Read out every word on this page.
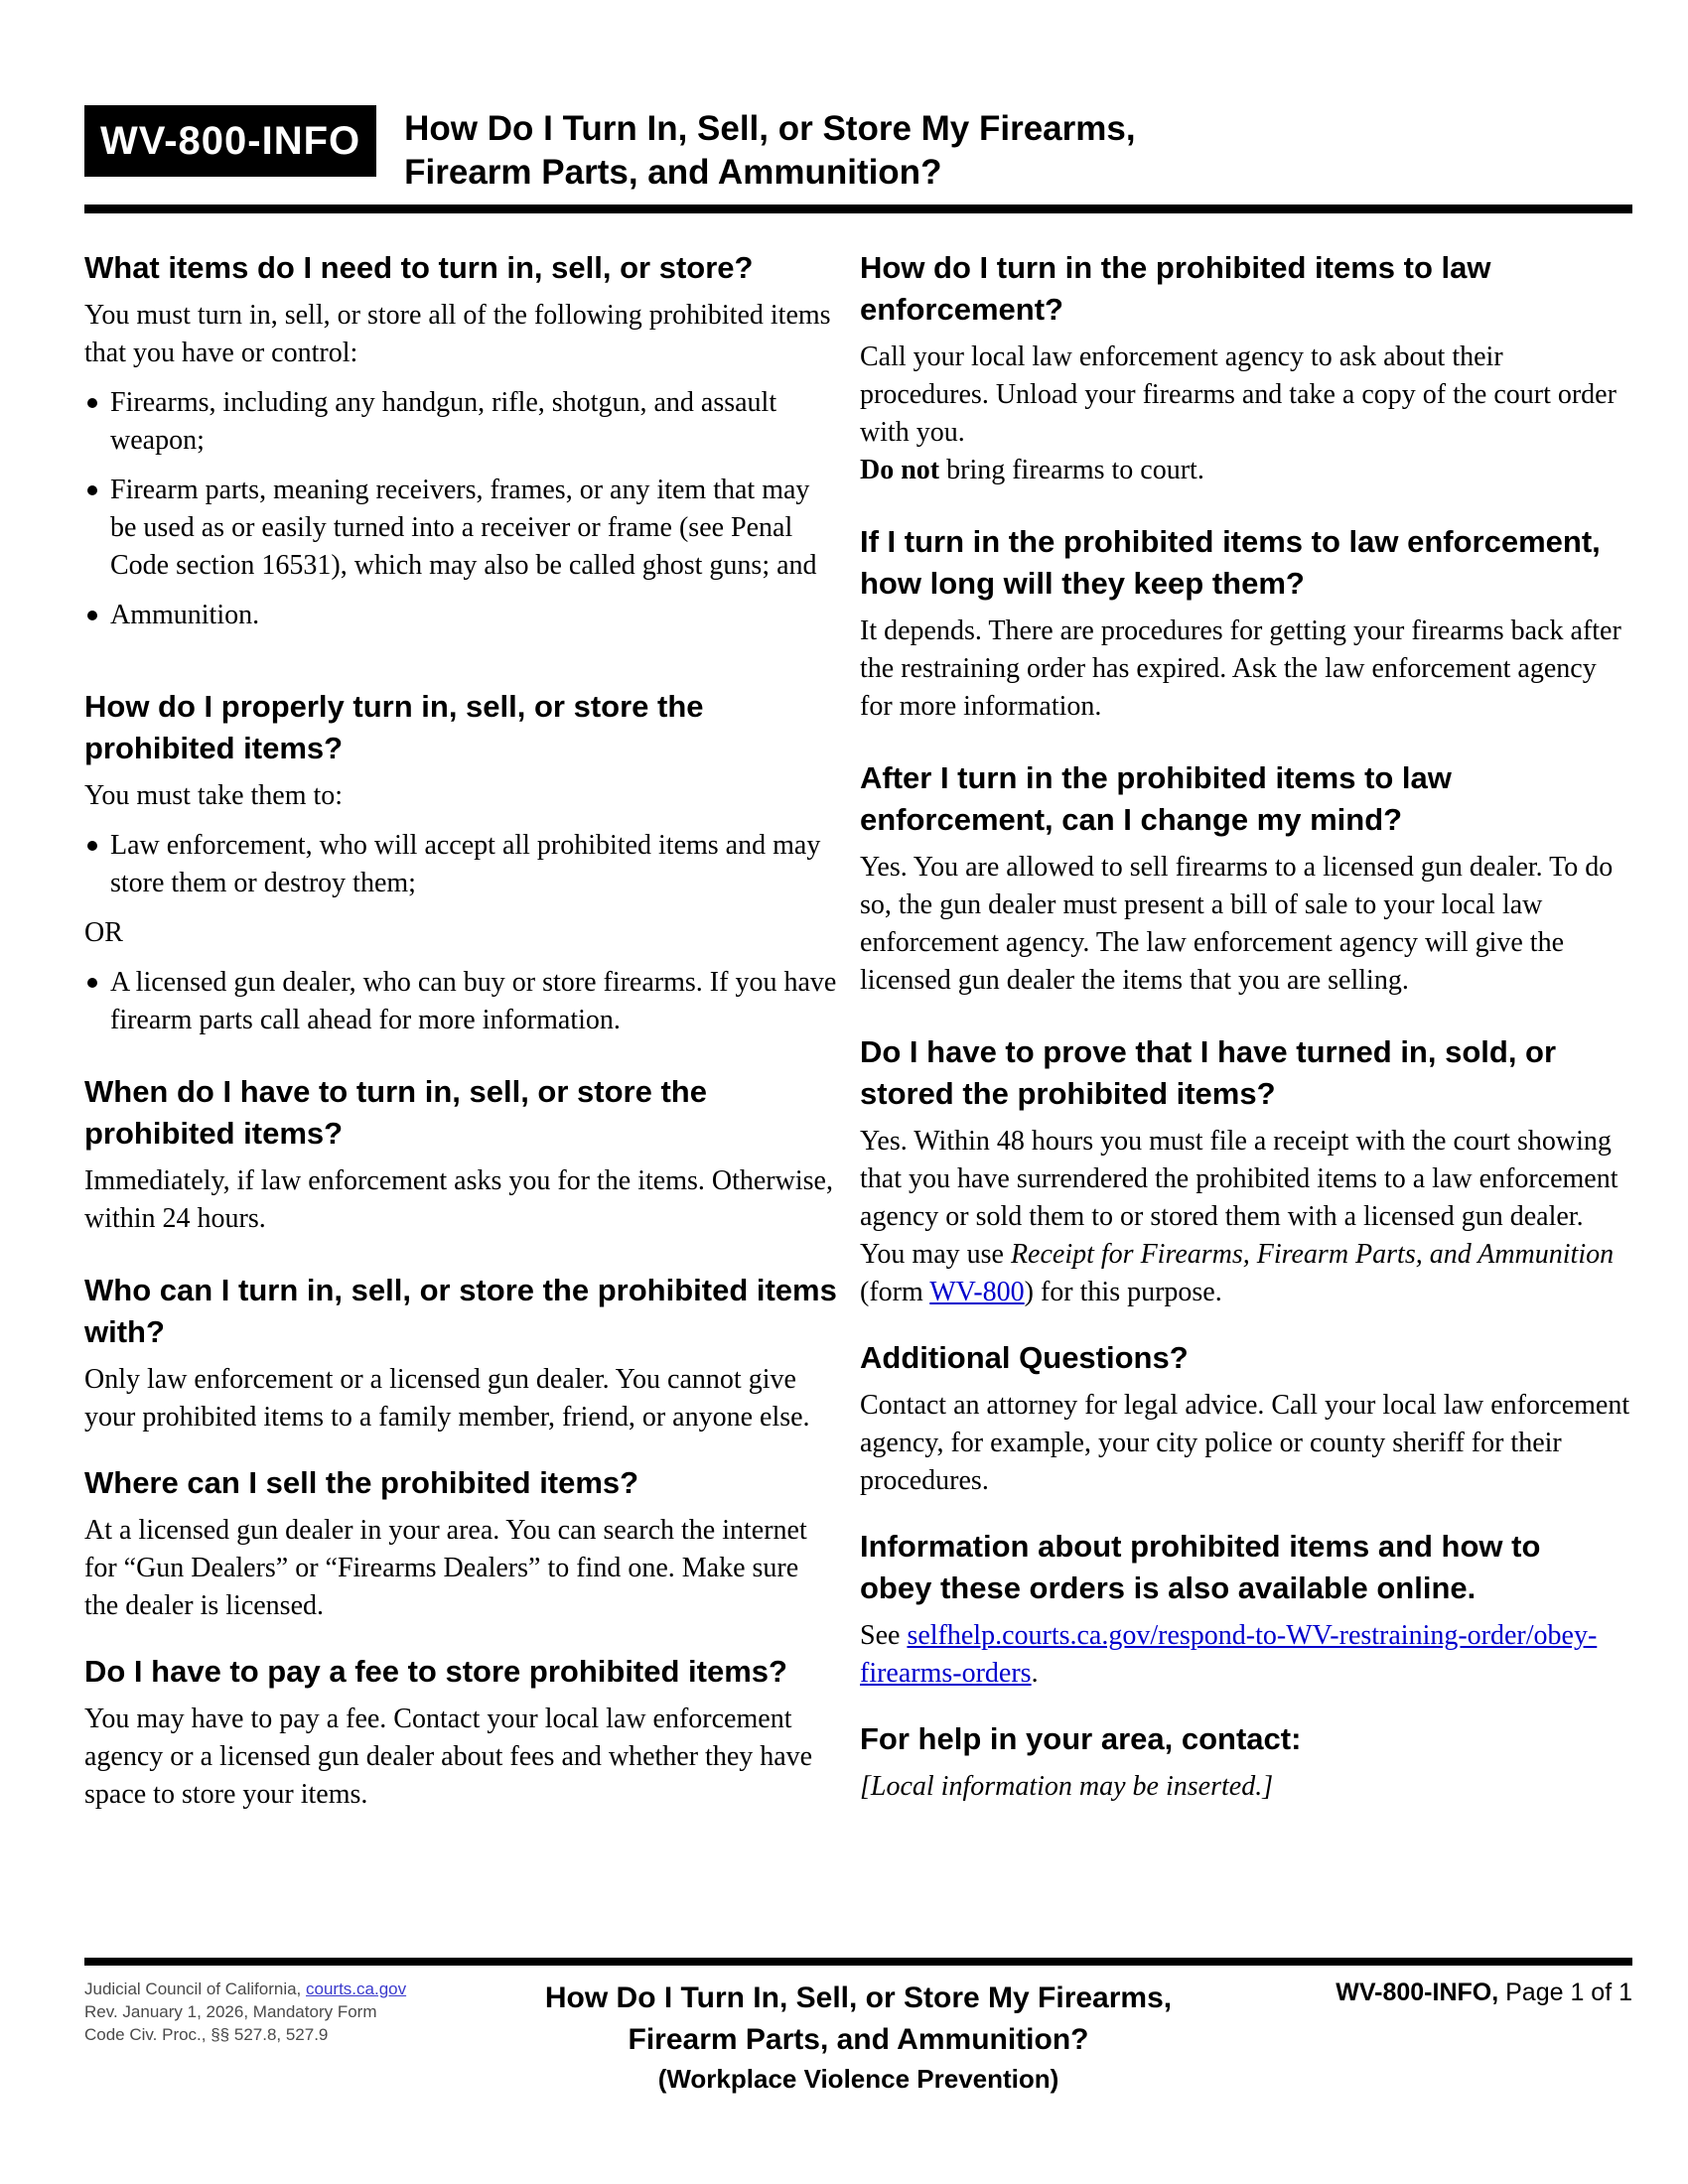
WV-800-INFO	How Do I Turn In, Sell, or Store My Firearms,
Firearm Parts, and Ammunition?
What items do I need to turn in, sell, or store?

You must turn in, sell, or store all of the following prohibited items that you have or control:

Firearms, including any handgun, rifle, shotgun, and assault weapon;
Firearm parts, meaning receivers, frames, or any item that may be used as or easily turned into a receiver or frame (see Penal Code section 16531), which may also be called ghost guns; and
Ammunition.
How do I properly turn in, sell, or store the prohibited items?

You must take them to:

Law enforcement, who will accept all prohibited items and may store them or destroy them;

OR

A licensed gun dealer, who can buy or store firearms. If you have firearm parts call ahead for more information.
When do I have to turn in, sell, or store the prohibited items?

Immediately, if law enforcement asks you for the items. Otherwise, within 24 hours.

Who can I turn in, sell, or store the prohibited items with?

Only law enforcement or a licensed gun dealer. You cannot give your prohibited items to a family member, friend, or anyone else.

Where can I sell the prohibited items?

At a licensed gun dealer in your area. You can search the internet for “Gun Dealers” or “Firearms Dealers” to find one. Make sure the dealer is licensed.

Do I have to pay a fee to store prohibited items?

You may have to pay a fee. Contact your local law enforcement agency or a licensed gun dealer about fees and whether they have space to store your items.

How do I turn in the prohibited items to law enforcement?

Call your local law enforcement agency to ask about their procedures. Unload your firearms and take a copy of the court order with you.

Do not bring firearms to court.

If I turn in the prohibited items to law enforcement, how long will they keep them?

It depends. There are procedures for getting your firearms back after the restraining order has expired. Ask the law enforcement agency for more information.

After I turn in the prohibited items to law enforcement, can I change my mind?

Yes. You are allowed to sell firearms to a licensed gun dealer. To do so, the gun dealer must present a bill of sale to your local law enforcement agency. The law enforcement agency will give the licensed gun dealer the items that you are selling.

Do I have to prove that I have turned in, sold, or stored the prohibited items?

Yes. Within 48 hours you must file a receipt with the court showing that you have surrendered the prohibited items to a law enforcement agency or sold them to or stored them with a licensed gun dealer. You may use Receipt for Firearms, Firearm Parts, and Ammunition (form WV-800) for this purpose.

Additional Questions?

Contact an attorney for legal advice. Call your local law enforcement agency, for example, your city police or county sheriff for their procedures.

Information about prohibited items and how to obey these orders is also available online.

See selfhelp.courts.ca.gov/respond-to-WV-restraining-order/obey-firearms-orders.

For help in your area, contact:

[Local information may be inserted.]

Judicial Council of California, courts.ca.gov
Rev. January 1, 2026, Mandatory Form
Code Civ. Proc., §§ 527.8, 527.9
How Do I Turn In, Sell, or Store My Firearms,
Firearm Parts, and Ammunition?
(Workplace Violence Prevention)
WV-800-INFO, Page 1 of 1
